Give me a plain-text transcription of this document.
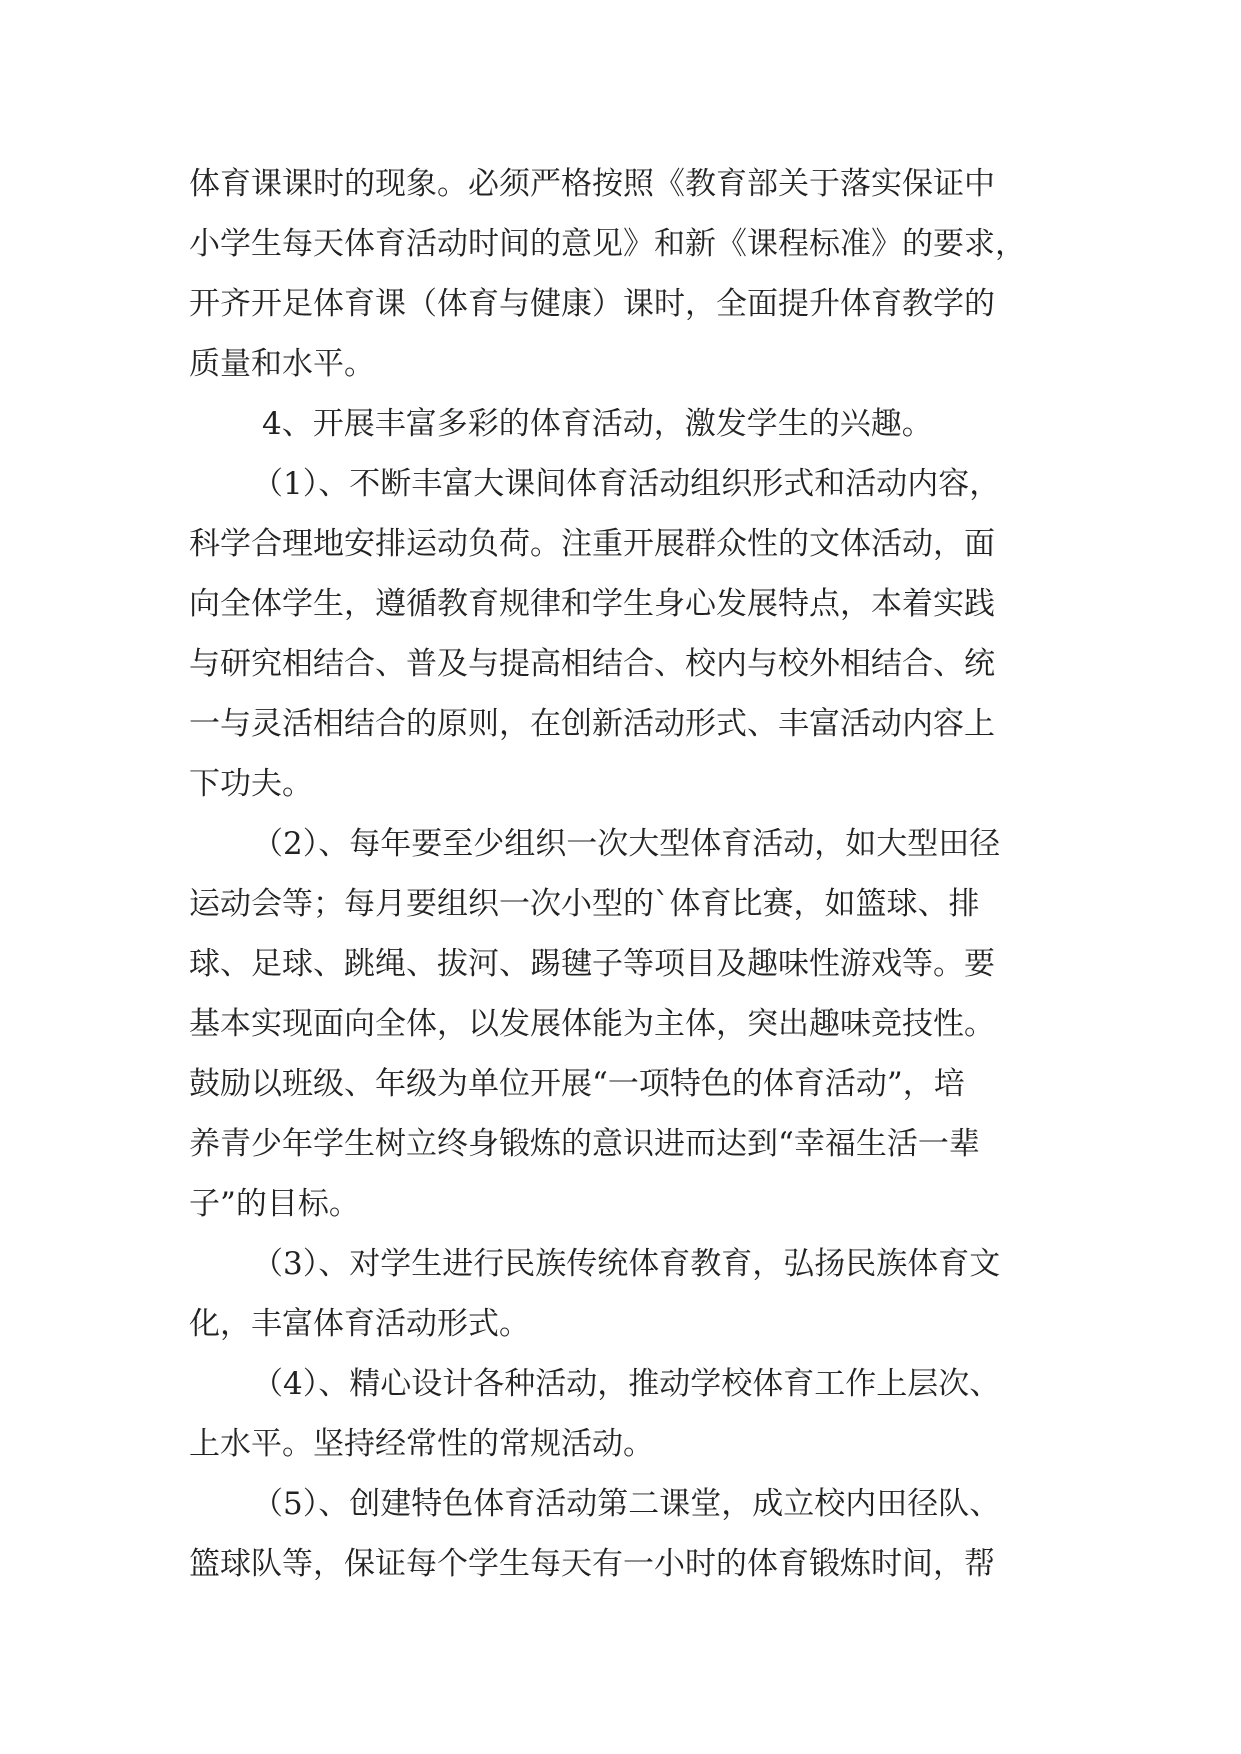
体育课课时的现象。必须严格按照《教育部关于落实保证中
小学生每天体育活动时间的意见》和新《课程标准》的要求，
开齐开足体育课（体育与健康）课时，全面提升体育教学的
质量和水平。
4、开展丰富多彩的体育活动，激发学生的兴趣。
（1）、不断丰富大课间体育活动组织形式和活动内容，
科学合理地安排运动负荷。注重开展群众性的文体活动，面
向全体学生，遵循教育规律和学生身心发展特点，本着实践
与研究相结合、普及与提高相结合、校内与校外相结合、统
一与灵活相结合的原则，在创新活动形式、丰富活动内容上
下功夫。
（2）、每年要至少组织一次大型体育活动，如大型田径
运动会等；每月要组织一次小型的`体育比赛，如篮球、排
球、足球、跳绳、拔河、踢毽子等项目及趣味性游戏等。要
基本实现面向全体，以发展体能为主体，突出趣味竞技性。
鼓励以班级、年级为单位开展“一项特色的体育活动”，培
养青少年学生树立终身锻炼的意识进而达到“幸福生活一辈
子”的目标。
（3）、对学生进行民族传统体育教育，弘扬民族体育文
化，丰富体育活动形式。
（4）、精心设计各种活动，推动学校体育工作上层次、
上水平。坚持经常性的常规活动。
（5）、创建特色体育活动第二课堂，成立校内田径队、
篮球队等，保证每个学生每天有一小时的体育锻炼时间，帮
